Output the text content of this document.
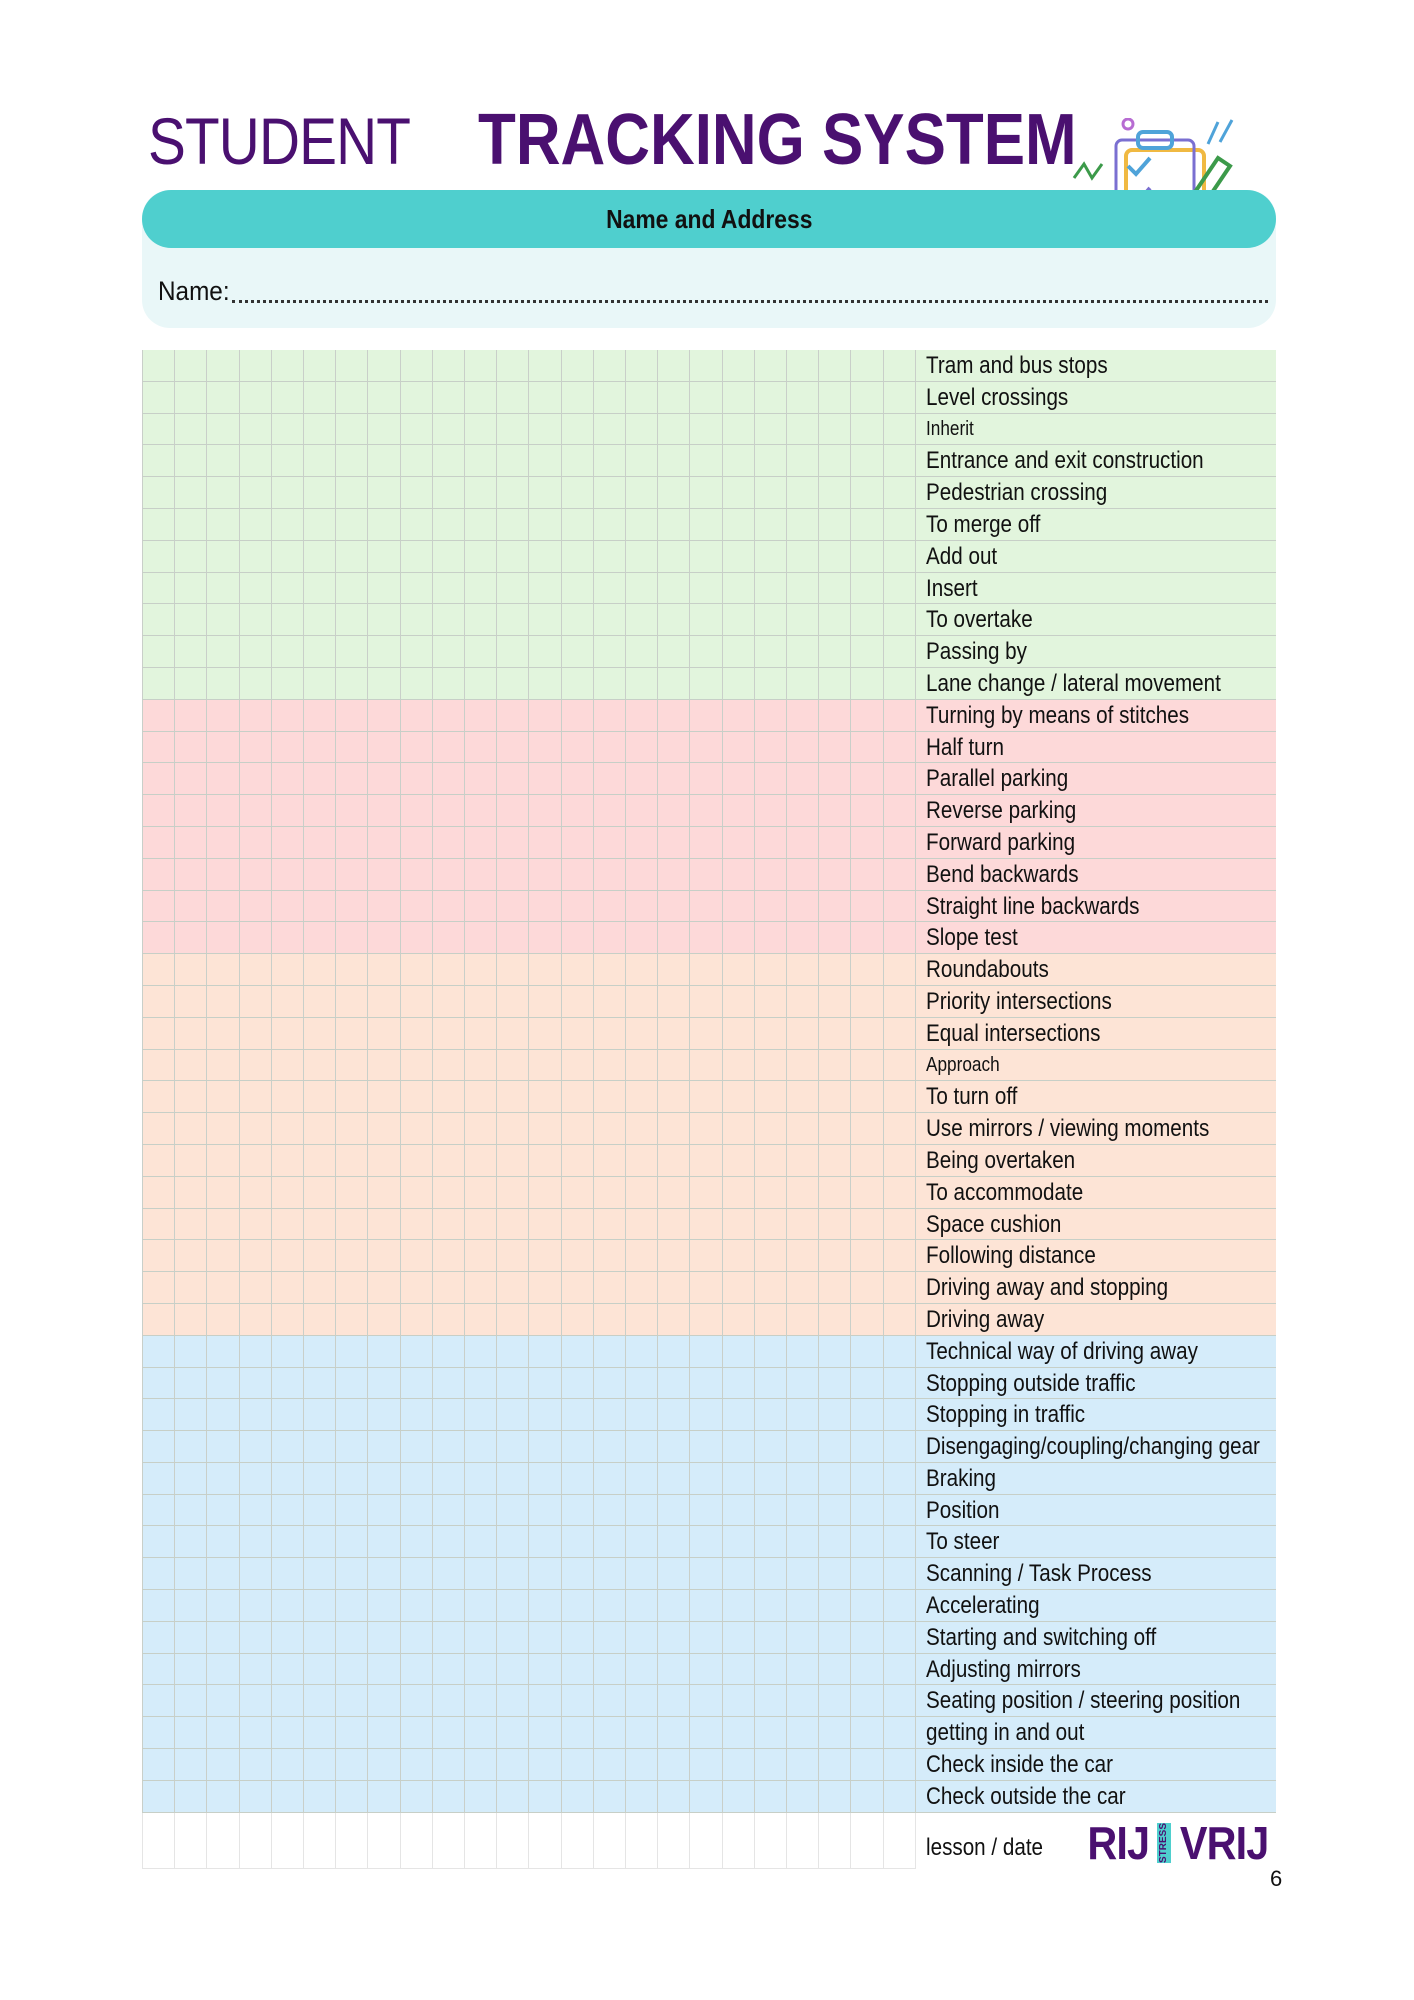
STUDENT TRACKING SYSTEM
Name and Address
Name:
Tram and bus stops
Level crossings
Inherit
Entrance and exit construction
Pedestrian crossing
To merge off
Add out
Insert
To overtake
Passing by
Lane change / lateral movement
Turning by means of stitches
Half turn
Parallel parking
Reverse parking
Forward parking
Bend backwards
Straight line backwards
Slope test
Roundabouts
Priority intersections
Equal intersections
Approach
To turn off
Use mirrors / viewing moments
Being overtaken
To accommodate
Space cushion
Following distance
Driving away and stopping
Driving away
Technical way of driving away
Stopping outside traffic
Stopping in traffic
Disengaging/coupling/changing gear
Braking
Position
To steer
Scanning / Task Process
Accelerating
Starting and switching off
Adjusting mirrors
Seating position / steering position
getting in and out
Check inside the car
Check outside the car
lesson / date RIJ STRESS VRIJ
6
